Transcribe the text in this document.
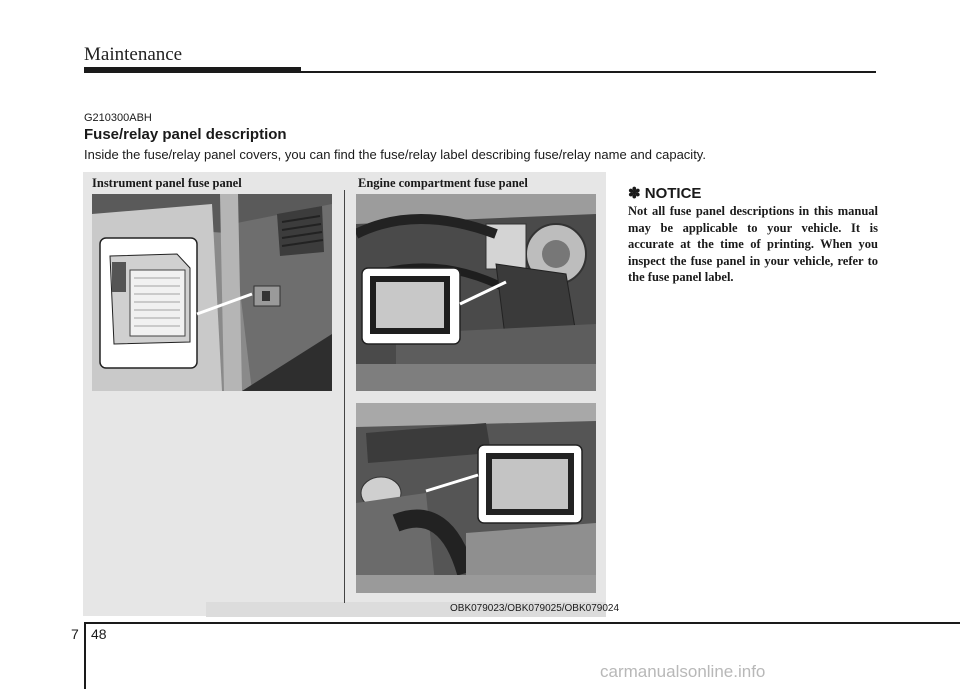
Maintenance
G210300ABH
Fuse/relay panel description
Inside the fuse/relay panel covers, you can find the fuse/relay label describing fuse/relay name and capacity.
Instrument panel fuse panel	Engine compartment fuse panel
OBK079023/OBK079025/OBK079024
✽ NOTICE
Not all fuse panel descriptions in this manual may be applicable to your vehicle. It is accurate at the time of printing. When you inspect the fuse panel in your vehicle, refer to the fuse panel label.
7 48
carmanualsonline.info
